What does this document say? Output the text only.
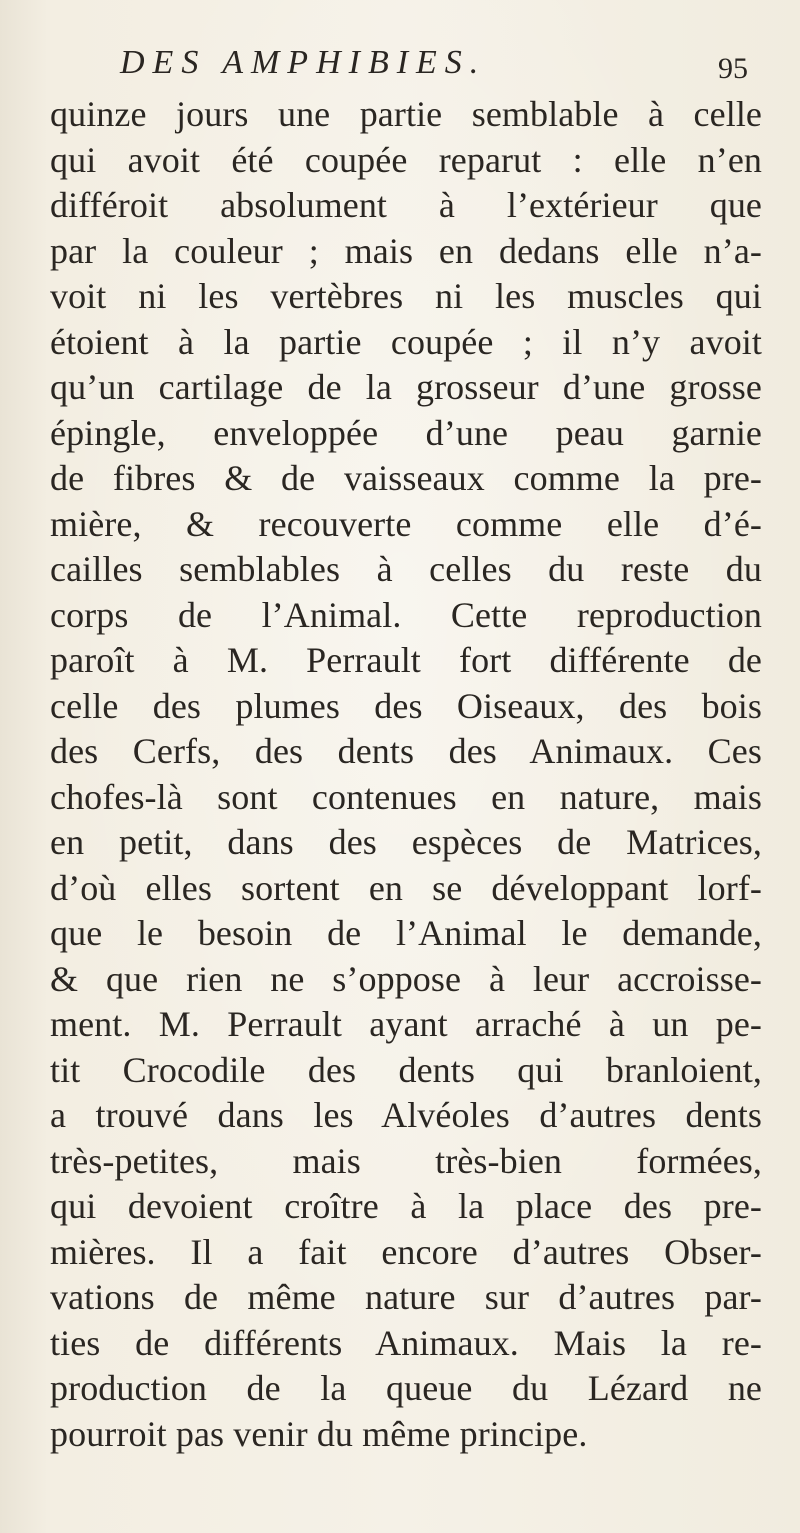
DES AMPHIBIES.	95
quinze jours une partie semblable à celle
qui avoit été coupée reparut : elle n’en
différoit absolument à l’extérieur que
par la couleur ; mais en dedans elle n’a-
voit ni les vertèbres ni les muscles qui
étoient à la partie coupée ; il n’y avoit
qu’un cartilage de la grosseur d’une grosse
épingle, enveloppée d’une peau garnie
de fibres & de vaisseaux comme la pre-
mière, & recouverte comme elle d’é-
cailles semblables à celles du reste du
corps de l’Animal. Cette reproduction
paroît à M. Perrault fort différente de
celle des plumes des Oiseaux, des bois
des Cerfs, des dents des Animaux. Ces
chofes-là sont contenues en nature, mais
en petit, dans des espèces de Matrices,
d’où elles sortent en se développant lorf-
que le besoin de l’Animal le demande,
& que rien ne s’oppose à leur accroisse-
ment. M. Perrault ayant arraché à un pe-
tit Crocodile des dents qui branloient,
a trouvé dans les Alvéoles d’autres dents
très-petites, mais très-bien formées,
qui devoient croître à la place des pre-
mières. Il a fait encore d’autres Obser-
vations de même nature sur d’autres par-
ties de différents Animaux. Mais la re-
production de la queue du Lézard ne
pourroit pas venir du même principe.
